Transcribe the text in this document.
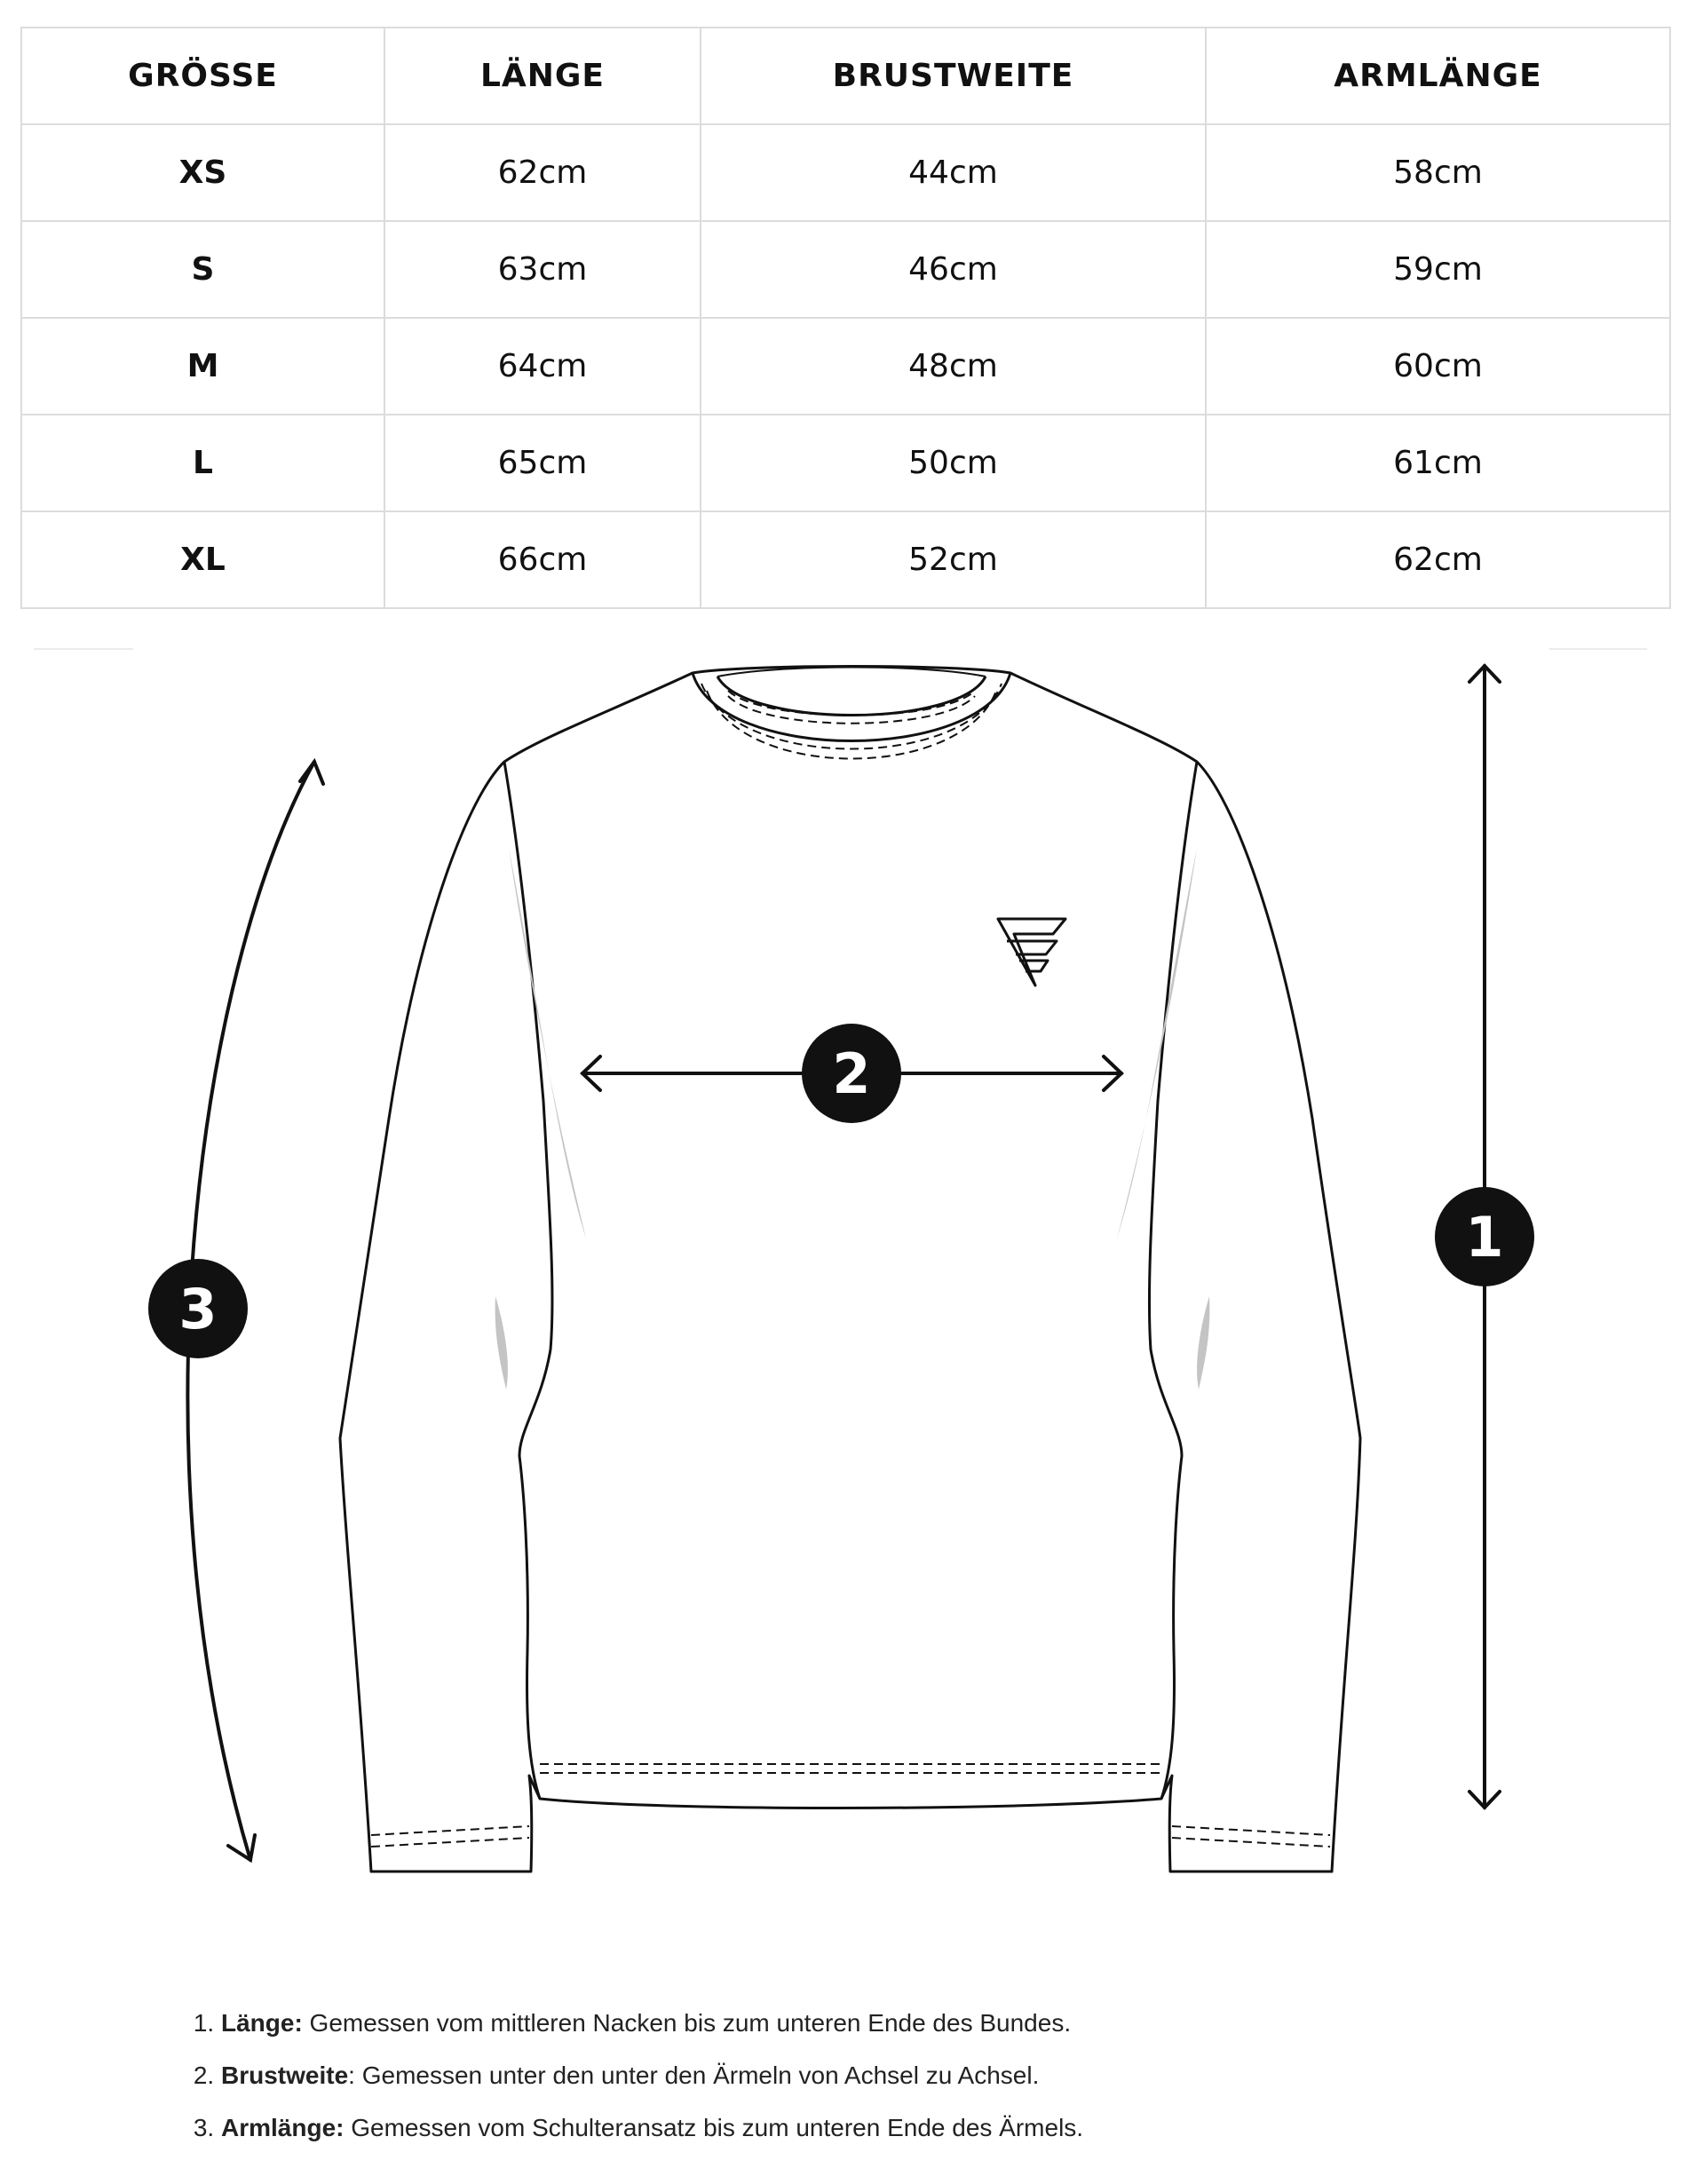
GRÖSSE	LÄNGE	BRUSTWEITE	ARMLÄNGE
XS	62cm	44cm	58cm
S	63cm	46cm	59cm
M	64cm	48cm	60cm
L	65cm	50cm	61cm
XL	66cm	52cm	62cm
1
2
3
1. Länge: Gemessen vom mittleren Nacken bis zum unteren Ende des Bundes.
2. Brustweite: Gemessen unter den unter den Ärmeln von Achsel zu Achsel.
3. Armlänge: Gemessen vom Schulteransatz bis zum unteren Ende des Ärmels.
